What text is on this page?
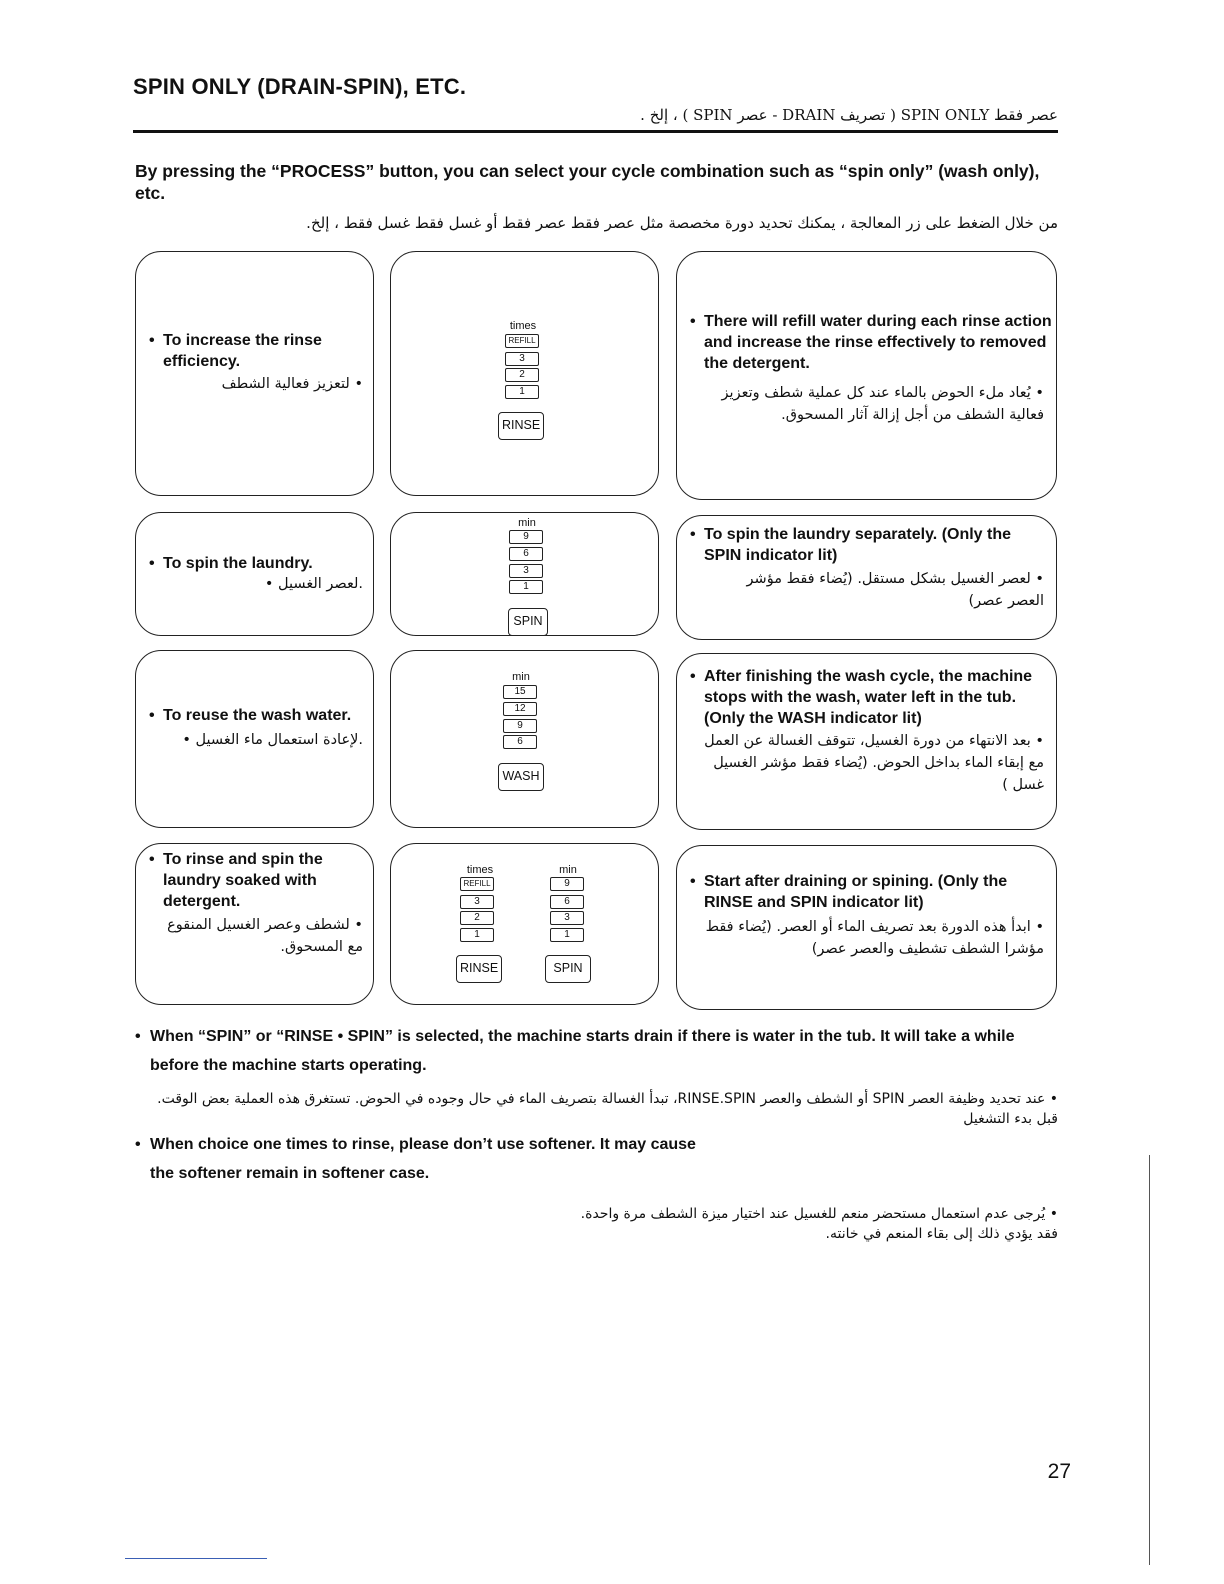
SPIN ONLY (DRAIN-SPIN), ETC.
عصر فقط SPIN ONLY ( تصريف DRAIN - عصر SPIN ) ، إلخ .
By pressing the “PROCESS” button, you can select your cycle combination such as “spin only” (wash only), etc.
من خلال الضغط على زر المعالجة ، يمكنك تحديد دورة مخصصة مثل عصر فقط عصر فقط أو غسل فقط غسل فقط ، إلخ.
• To increase the rinse efficiency.
• لتعزيز فعالية الشطف
times
REFILL
3
2
1
RINSE
• There will refill water during each rinse action and increase the rinse effectively to removed the detergent.
• يُعاد ملء الحوض بالماء عند كل عملية شطف وتعزيز فعالية الشطف من أجل إزالة آثار المسحوق.
• To spin the laundry.
.لعصر الغسيل •
min
9
6
3
1
SPIN
• To spin the laundry separately. (Only the SPIN indicator lit)
• لعصر الغسيل بشكل مستقل. (يُضاء فقط مؤشر العصر عصر)
• To reuse the wash water.
.لإعادة استعمال ماء الغسيل •
min
15
12
9
6
WASH
• After finishing the wash cycle, the machine stops with the wash, water left in the tub. (Only the WASH indicator lit)
• بعد الانتهاء من دورة الغسيل، تتوقف الغسالة عن العمل مع إبقاء الماء بداخل الحوض. (يُضاء فقط مؤشر الغسيل غسل )
• To rinse and spin the laundry soaked with detergent.
• لشطف وعصر الغسيل المنقوع مع المسحوق.
times
REFILL
3
2
1
RINSE
min
9
6
3
1
SPIN
• Start after draining or spining. (Only the RINSE and SPIN indicator lit)
• ابدأ هذه الدورة بعد تصريف الماء أو العصر. (يُضاء فقط مؤشرا الشطف تشطيف والعصر عصر)
• When “SPIN” or “RINSE • SPIN” is selected, the machine starts drain if there is water in the tub. It will take a while before the machine starts operating.
• عند تحديد وظيفة العصر SPIN أو الشطف والعصر RINSE.SPIN، تبدأ الغسالة بتصريف الماء في حال وجوده في الحوض. تستغرق هذه العملية بعض الوقت. قبل بدء التشغيل
• When choice one times to rinse, please don’t use softener. It may cause the softener remain in softener case.
• يُرجى عدم استعمال مستحضر منعم للغسيل عند اختيار ميزة الشطف مرة واحدة. فقد يؤدي ذلك إلى بقاء المنعم في خانته.
27
